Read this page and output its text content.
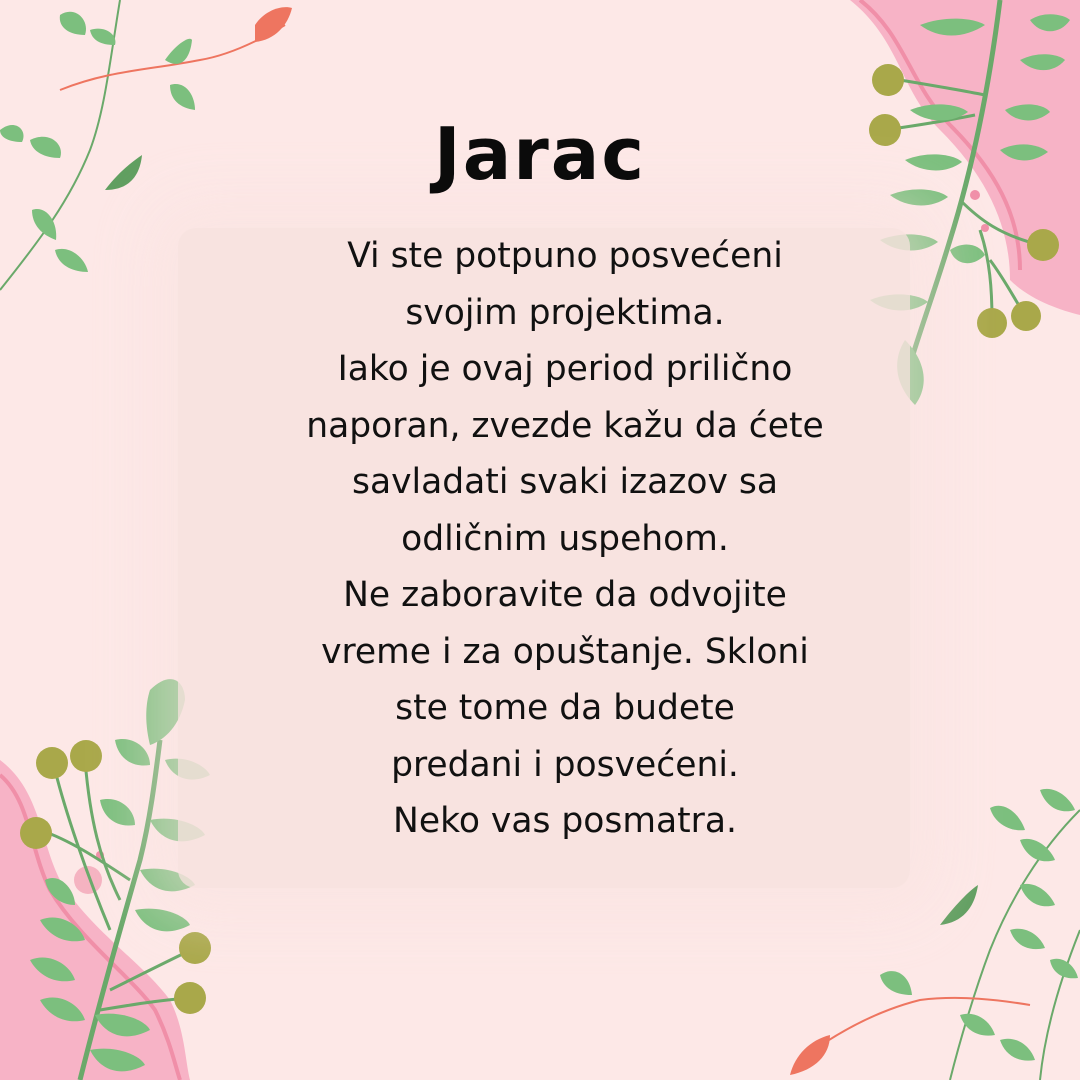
Jarac
Vi ste potpuno posvećeni
svojim projektima.
Iako je ovaj period prilično
naporan, zvezde kažu da ćete
savladati svaki izazov sa
odličnim uspehom.
Ne zaboravite da odvojite
vreme i za opuštanje. Skloni
ste tome da budete
predani i posvećeni.
Neko vas posmatra.
